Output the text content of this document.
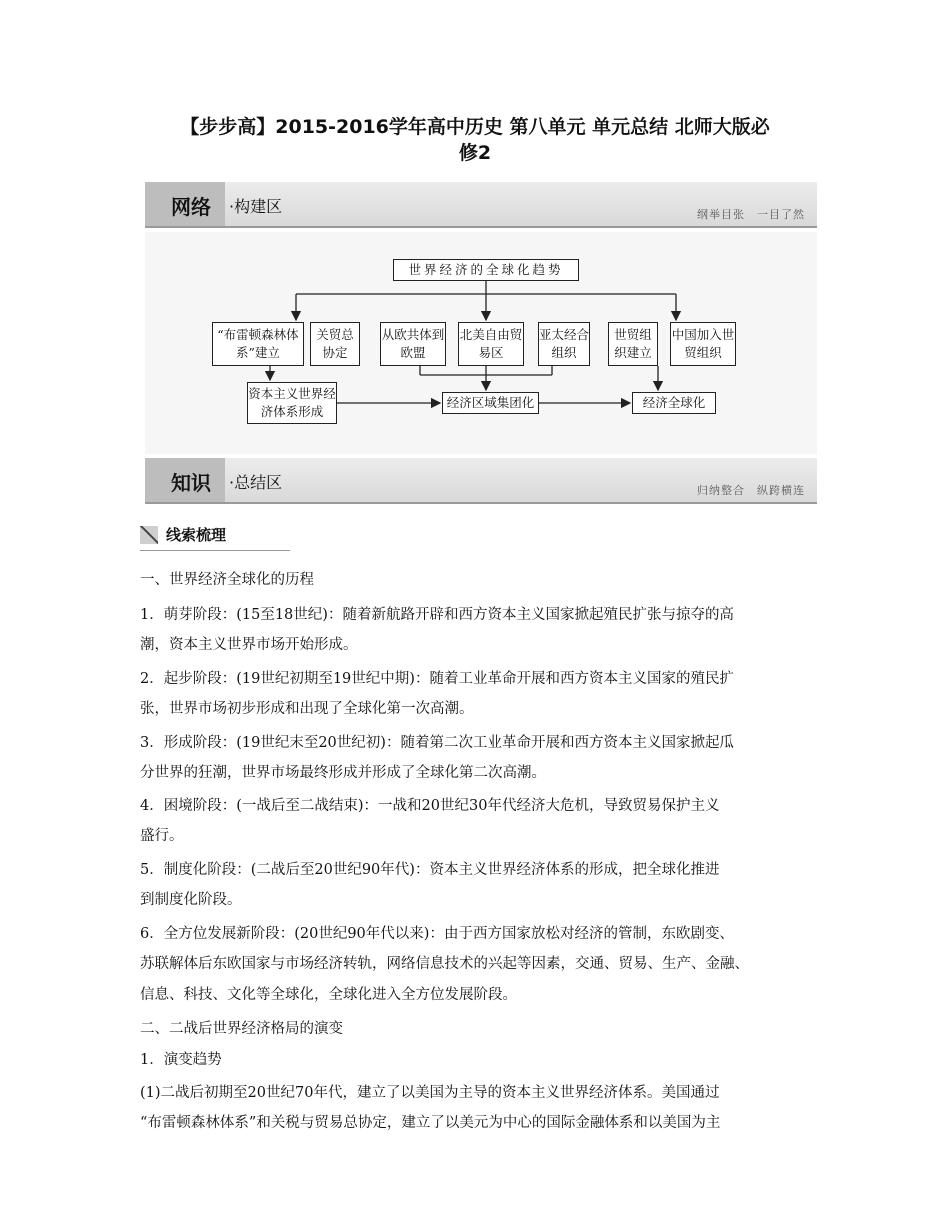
【步步高】2015-2016学年高中历史 第八单元 单元总结 北师大版必
修2
网络 ·构建区	纲举目张　一目了然
世界经济的全球化趋势
“布雷顿森林体系”建立
关贸总协定
从欧共体到欧盟
北美自由贸易区
亚太经合组织
世贸组织建立
中国加入世贸组织
资本主义世界经济体系形成
经济区域集团化	经济全球化
知识 ·总结区	归纳整合　纵跨横连
线索梳理
一、世界经济全球化的历程
1．萌芽阶段：(15至18世纪)：随着新航路开辟和西方资本主义国家掀起殖民扩张与掠夺的高
潮，资本主义世界市场开始形成。
2．起步阶段：(19世纪初期至19世纪中期)：随着工业革命开展和西方资本主义国家的殖民扩
张，世界市场初步形成和出现了全球化第一次高潮。
3．形成阶段：(19世纪末至20世纪初)：随着第二次工业革命开展和西方资本主义国家掀起瓜
分世界的狂潮，世界市场最终形成并形成了全球化第二次高潮。
4．困境阶段：(一战后至二战结束)：一战和20世纪30年代经济大危机，导致贸易保护主义
盛行。
5．制度化阶段：(二战后至20世纪90年代)：资本主义世界经济体系的形成，把全球化推进
到制度化阶段。
6．全方位发展新阶段：(20世纪90年代以来)：由于西方国家放松对经济的管制，东欧剧变、
苏联解体后东欧国家与市场经济转轨，网络信息技术的兴起等因素，交通、贸易、生产、金融、
信息、科技、文化等全球化，全球化进入全方位发展阶段。
二、二战后世界经济格局的演变
1．演变趋势
(1)二战后初期至20世纪70年代，建立了以美国为主导的资本主义世界经济体系。美国通过
“布雷顿森林体系”和关税与贸易总协定，建立了以美元为中心的国际金融体系和以美国为主
